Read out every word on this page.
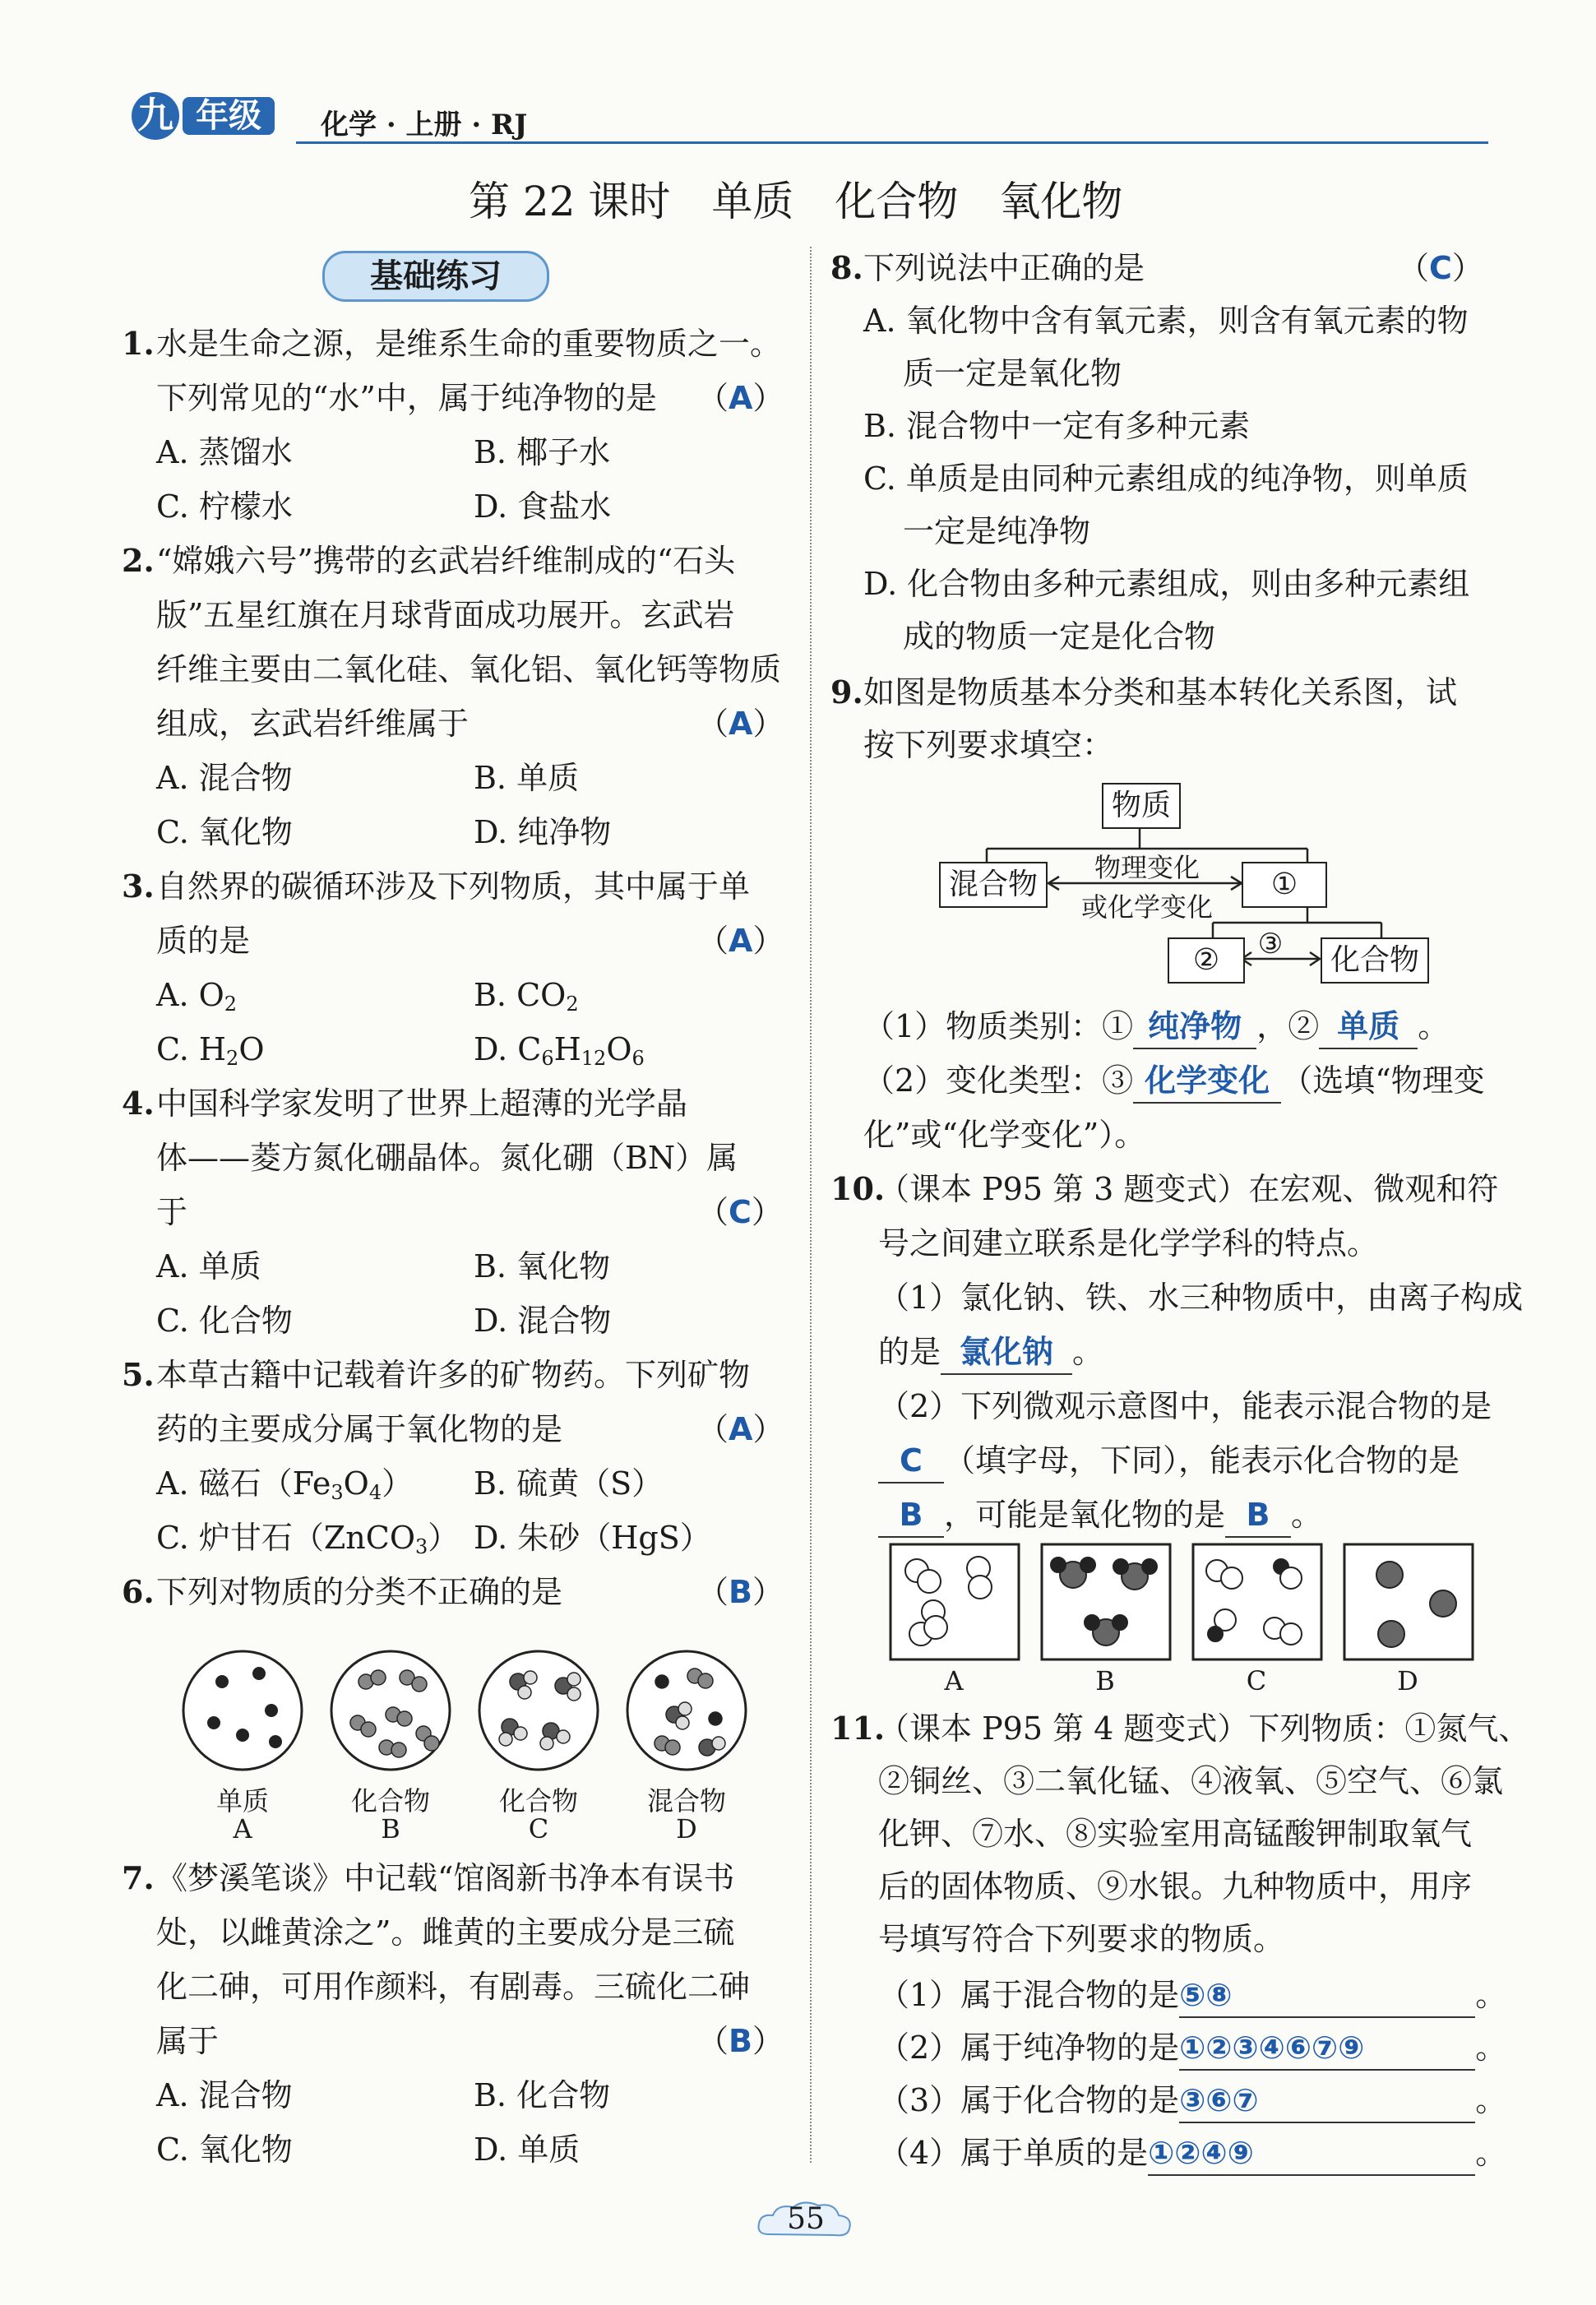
九 年级	化学 · 上册 · RJ
第 22 课时　单质　化合物　氧化物
基础练习
1. 水是生命之源，是维系生命的重要物质之一。
下列常见的“水”中，属于纯净物的是 （A）
A. 蒸馏水	B. 椰子水
C. 柠檬水	D. 食盐水
2. “嫦娥六号”携带的玄武岩纤维制成的“石头
版”五星红旗在月球背面成功展开。玄武岩
纤维主要由二氧化硅、氧化铝、氧化钙等物质
组成，玄武岩纤维属于	（A）
A. 混合物	B. 单质
C. 氧化物	D. 纯净物
3. 自然界的碳循环涉及下列物质，其中属于单
质的是	（A）
A. $O_2$	B. $CO_2$
C. $H_2O$	D. $C_6H_{12}O_6$
4. 中国科学家发明了世界上超薄的光学晶
体——菱方氮化硼晶体。氮化硼（BN）属
于	（C）
A. 单质	B. 氧化物
C. 化合物	D. 混合物
5. 本草古籍中记载着许多的矿物药。下列矿物
药的主要成分属于氧化物的是	（A）
A. 磁石$(Fe_3O_4)$ B. 硫黄（S）
C. 炉甘石（ZnCO$_3$） D. 朱砂（HgS）
6. 下列对物质的分类不正确的是	（B）
单质	化合物	化合物	混合物
A	B	C	D
7. 《梦溪笔谈》中记载“馆阁新书净本有误书
处，以雌黄涂之”。雌黄的主要成分是三硫
化二砷，可用作颜料，有剧毒。三硫化二砷
属于	（B）
A. 混合物	B. 化合物
C. 氧化物	D. 单质
8. 下列说法中正确的是	（C）
A. 氧化物中含有氧元素，则含有氧元素的物
质一定是氧化物
B. 混合物中一定有多种元素
C. 单质是由同种元素组成的纯净物，则单质
一定是纯净物
D. 化合物由多种元素组成，则由多种元素组
成的物质一定是化合物
9. 如图是物质基本分类和基本转化关系图，试
按下列要求填空：
物质
混合物	物理变化
或化学变化
①
②	③	化合物
（1）物质类别：① 纯净物 ，② 单质 。
（2）变化类型：③ 化学变化 （选填“物理变
化”或“化学变化”）。
10.
（课本 P95 第 3 题变式）在宏观、微观和符
号之间建立联系是化学学科的特点。
（1）氯化钠、铁、水三种物质中，由离子构成
的是 氯化钠 。
（2）下列微观示意图中，能表示混合物的是
C （填字母，下同），能表示化合物的是
B ，可能是氧化物的是 B 。
A	B	C	D
11.
（课本 P95 第 4 题变式）下列物质：①氮气、
②铜丝、③二氧化锰、④液氧、⑤空气、⑥氯
化钾、⑦水、⑧实验室用高锰酸钾制取氧气
后的固体物质、⑨水银。九种物质中，用序
号填写符合下列要求的物质。
（1）属于混合物的是⑤⑧	。
（2）属于纯净物的是①②③④⑥⑦⑨	。
（3）属于化合物的是③⑥⑦	。
（4）属于单质的是①②④⑨	。
55
